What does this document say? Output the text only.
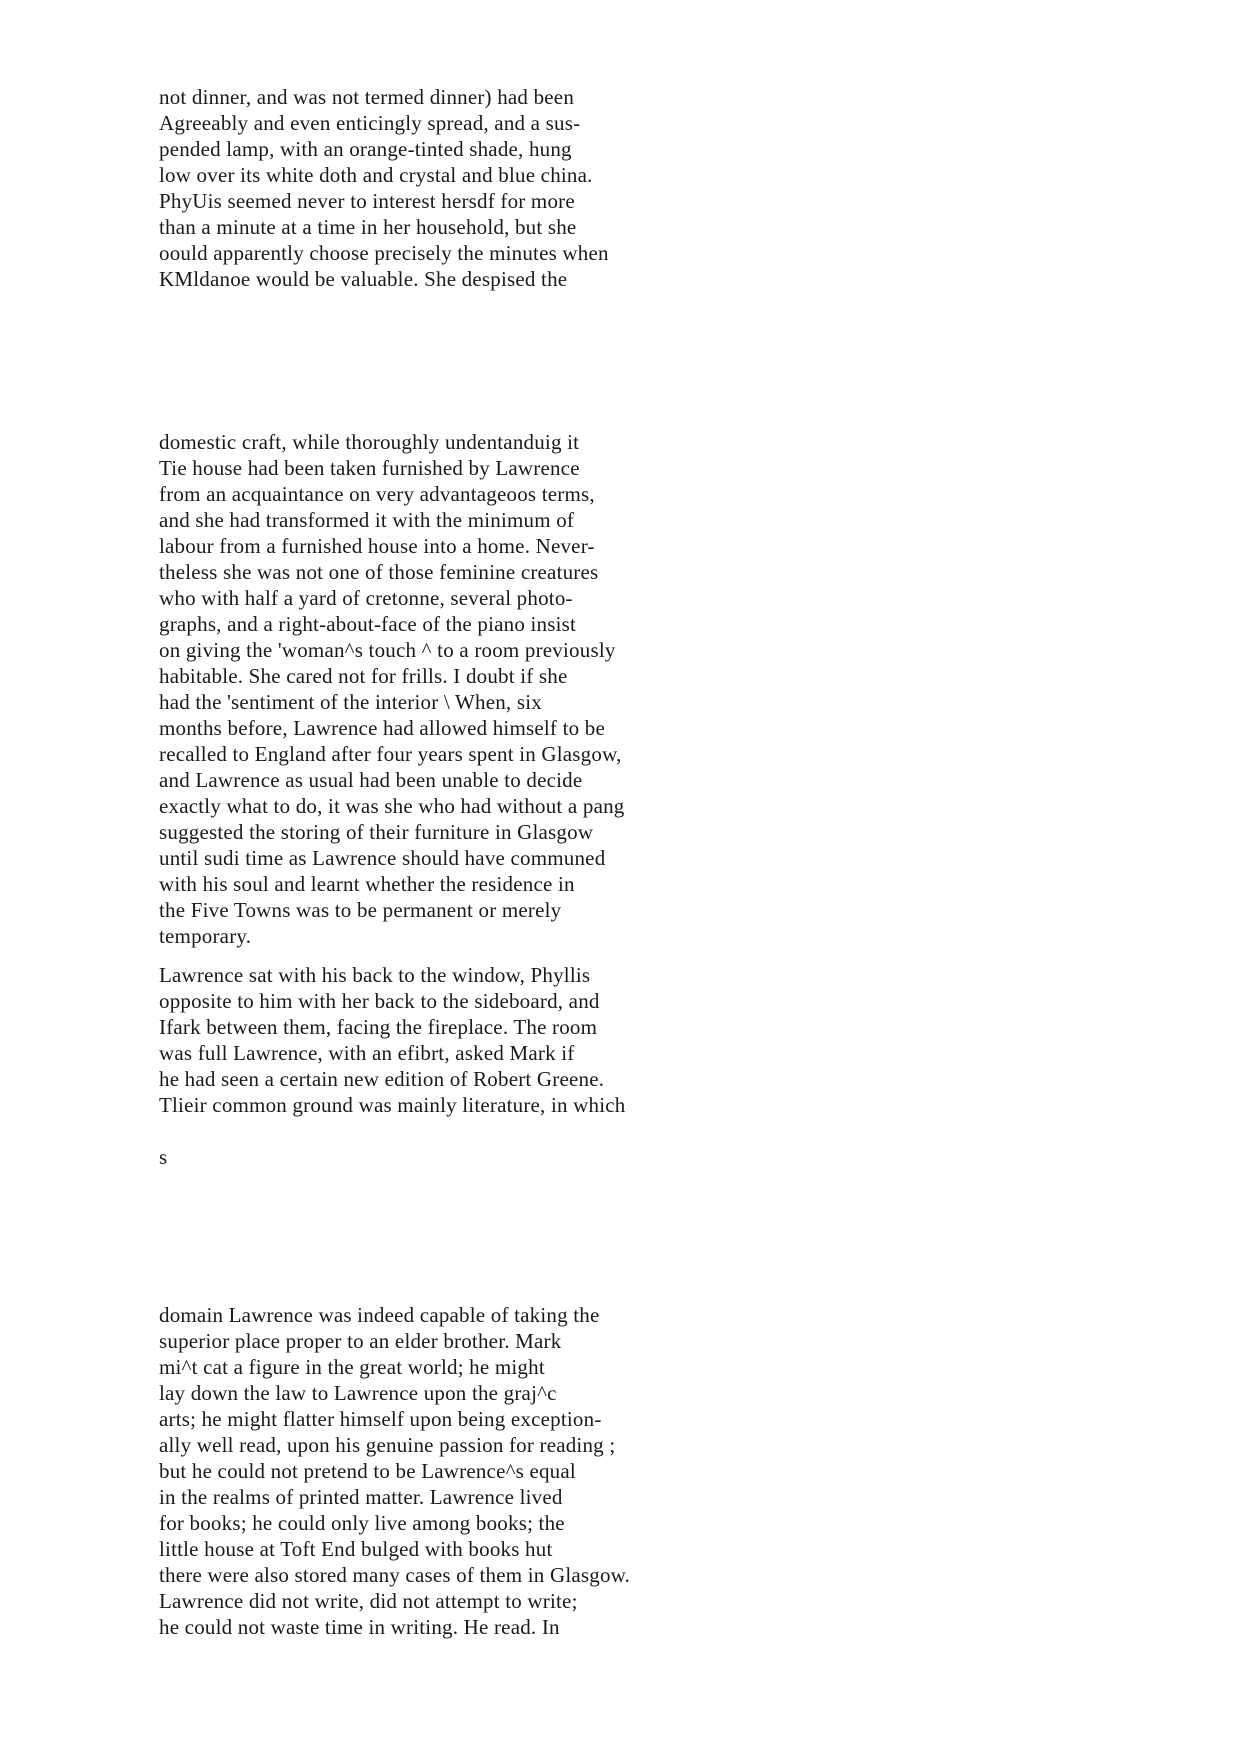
not dinner, and was not termed dinner) had been
Agreeably and even enticingly spread, and a sus-
pended lamp, with an orange-tinted shade, hung
low over its white doth and crystal and blue china.
PhyUis seemed never to interest hersdf for more
than a minute at a time in her household, but she
oould apparently choose precisely the minutes when
KMldanoe would be valuable. She despised the
domestic craft, while thoroughly undentanduig it
Tie house had been taken furnished by Lawrence
from an acquaintance on very advantageoos terms,
and she had transformed it with the minimum of
labour from a furnished house into a home. Never-
theless she was not one of those feminine creatures
who with half a yard of cretonne, several photo-
graphs, and a right-about-face of the piano insist
on giving the 'woman^s touch ^ to a room previously
habitable. She cared not for frills. I doubt if she
had the 'sentiment of the interior \ When, six
months before, Lawrence had allowed himself to be
recalled to England after four years spent in Glasgow,
and Lawrence as usual had been unable to decide
exactly what to do, it was she who had without a pang
suggested the storing of their furniture in Glasgow
until sudi time as Lawrence should have communed
with his soul and learnt whether the residence in
the Five Towns was to be permanent or merely
temporary.
Lawrence sat with his back to the window, Phyllis
opposite to him with her back to the sideboard, and
Ifark between them, facing the fireplace. The room
was full Lawrence, with an efibrt, asked Mark if
he had seen a certain new edition of Robert Greene.
Tlieir common ground was mainly literature, in which
s
domain Lawrence was indeed capable of taking the
superior place proper to an elder brother. Mark
mi^t cat a figure in the great world; he might
lay down the law to Lawrence upon the graj^c
arts; he might flatter himself upon being exception-
ally well read, upon his genuine passion for reading ;
but he could not pretend to be Lawrence^s equal
in the realms of printed matter. Lawrence lived
for books; he could only live among books; the
little house at Toft End bulged with books hut
there were also stored many cases of them in Glasgow.
Lawrence did not write, did not attempt to write;
he could not waste time in writing. He read. In
